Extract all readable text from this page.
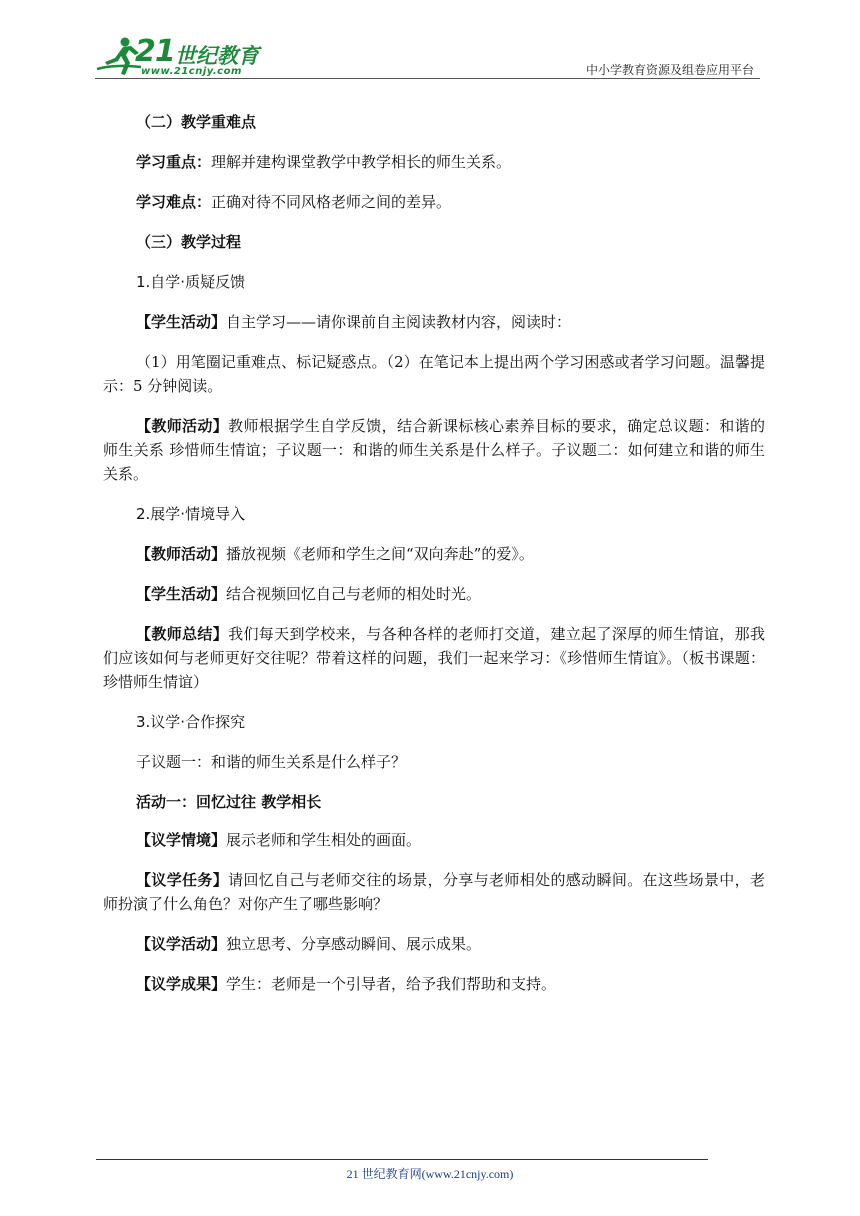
21 世纪教育
www.21cnjy.com	中小学教育资源及组卷应用平台

（二）教学重难点

学习重点：理解并建构课堂教学中教学相长的师生关系。

学习难点：正确对待不同风格老师之间的差异。

（三）教学过程

1.自学·质疑反馈

【学生活动】自主学习——请你课前自主阅读教材内容，阅读时：

（1）用笔圈记重难点、标记疑惑点。（2）在笔记本上提出两个学习困惑或者学习问题。温馨提示：5 分钟阅读。

【教师活动】教师根据学生自学反馈，结合新课标核心素养目标的要求，确定总议题：和谐的师生关系 珍惜师生情谊；子议题一：和谐的师生关系是什么样子。子议题二：如何建立和谐的师生关系。

2.展学·情境导入

【教师活动】播放视频《老师和学生之间“双向奔赴”的爱》。

【学生活动】结合视频回忆自己与老师的相处时光。

【教师总结】我们每天到学校来，与各种各样的老师打交道，建立起了深厚的师生情谊，那我们应该如何与老师更好交往呢？带着这样的问题，我们一起来学习：《珍惜师生情谊》。（板书课题：珍惜师生情谊）

3.议学·合作探究

子议题一：和谐的师生关系是什么样子？

活动一：回忆过往 教学相长

【议学情境】展示老师和学生相处的画面。

【议学任务】请回忆自己与老师交往的场景，分享与老师相处的感动瞬间。在这些场景中，老师扮演了什么角色？对你产生了哪些影响？

【议学活动】独立思考、分享感动瞬间、展示成果。

【议学成果】学生：老师是一个引导者，给予我们帮助和支持。

21 世纪教育网(www.21cnjy.com)
